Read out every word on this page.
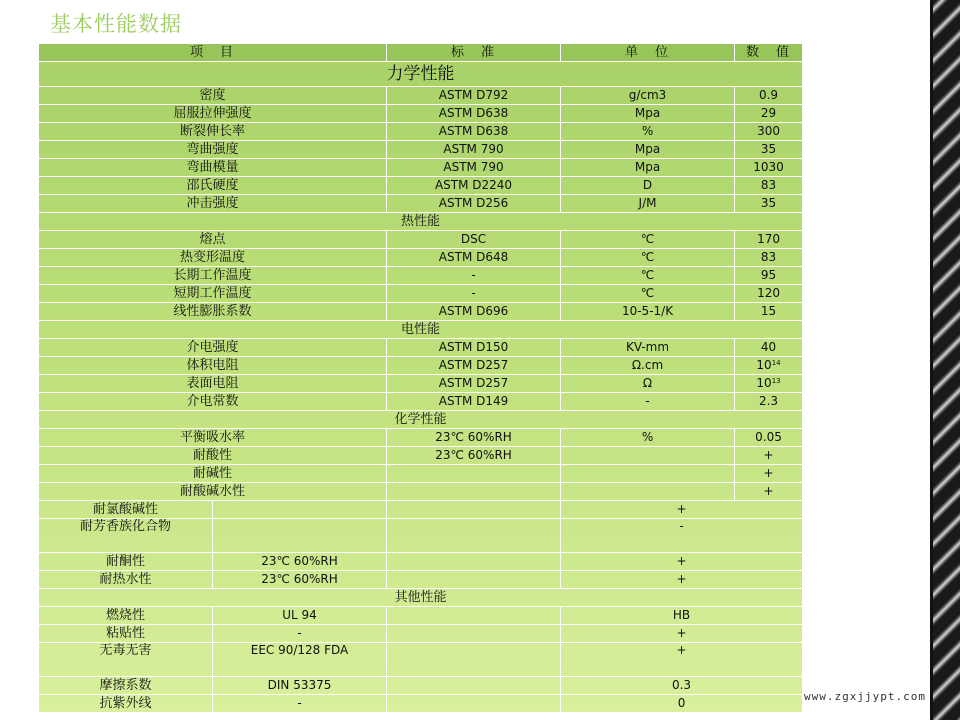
基本性能数据
项　目		标　准	单　位	数　值
力学性能				
密度		ASTM D792	g/cm3	0.9
屈服拉伸强度		ASTM D638	Mpa	29
断裂伸长率		ASTM D638	%	300
弯曲强度		ASTM 790	Mpa	35
弯曲模量		ASTM 790	Mpa	1030
邵氏硬度		ASTM D2240	D	83
冲击强度		ASTM D256	J/M	35
热性能				
熔点		DSC	℃	170
热变形温度		ASTM D648	℃	83
长期工作温度		-	℃	95
短期工作温度		-	℃	120
线性膨胀系数		ASTM D696	10-5-1/K	15
电性能				
介电强度		ASTM D150	KV-mm	40
体积电阻		ASTM D257	Ω.cm	$10^{14}$
表面电阻		ASTM D257	Ω	$10^{13}$
介电常数		ASTM D149	-	2.3
化学性能				
平衡吸水率		23℃ 60%RH	%	0.05
耐酸性		23℃ 60%RH		+
耐碱性				+
耐酸碱水性				+
耐氯酸碱性			+	
耐芳香族化合物			-	
耐酮性	23℃ 60%RH		+	
耐热水性	23℃ 60%RH		+	
其他性能				
燃烧性	UL 94		HB	
粘贴性	-		+	
无毒无害	EEC 90/128 FDA		+	
摩擦系数	DIN 53375		0.3	
抗紫外线	-		0		www.zgxjjypt.com
